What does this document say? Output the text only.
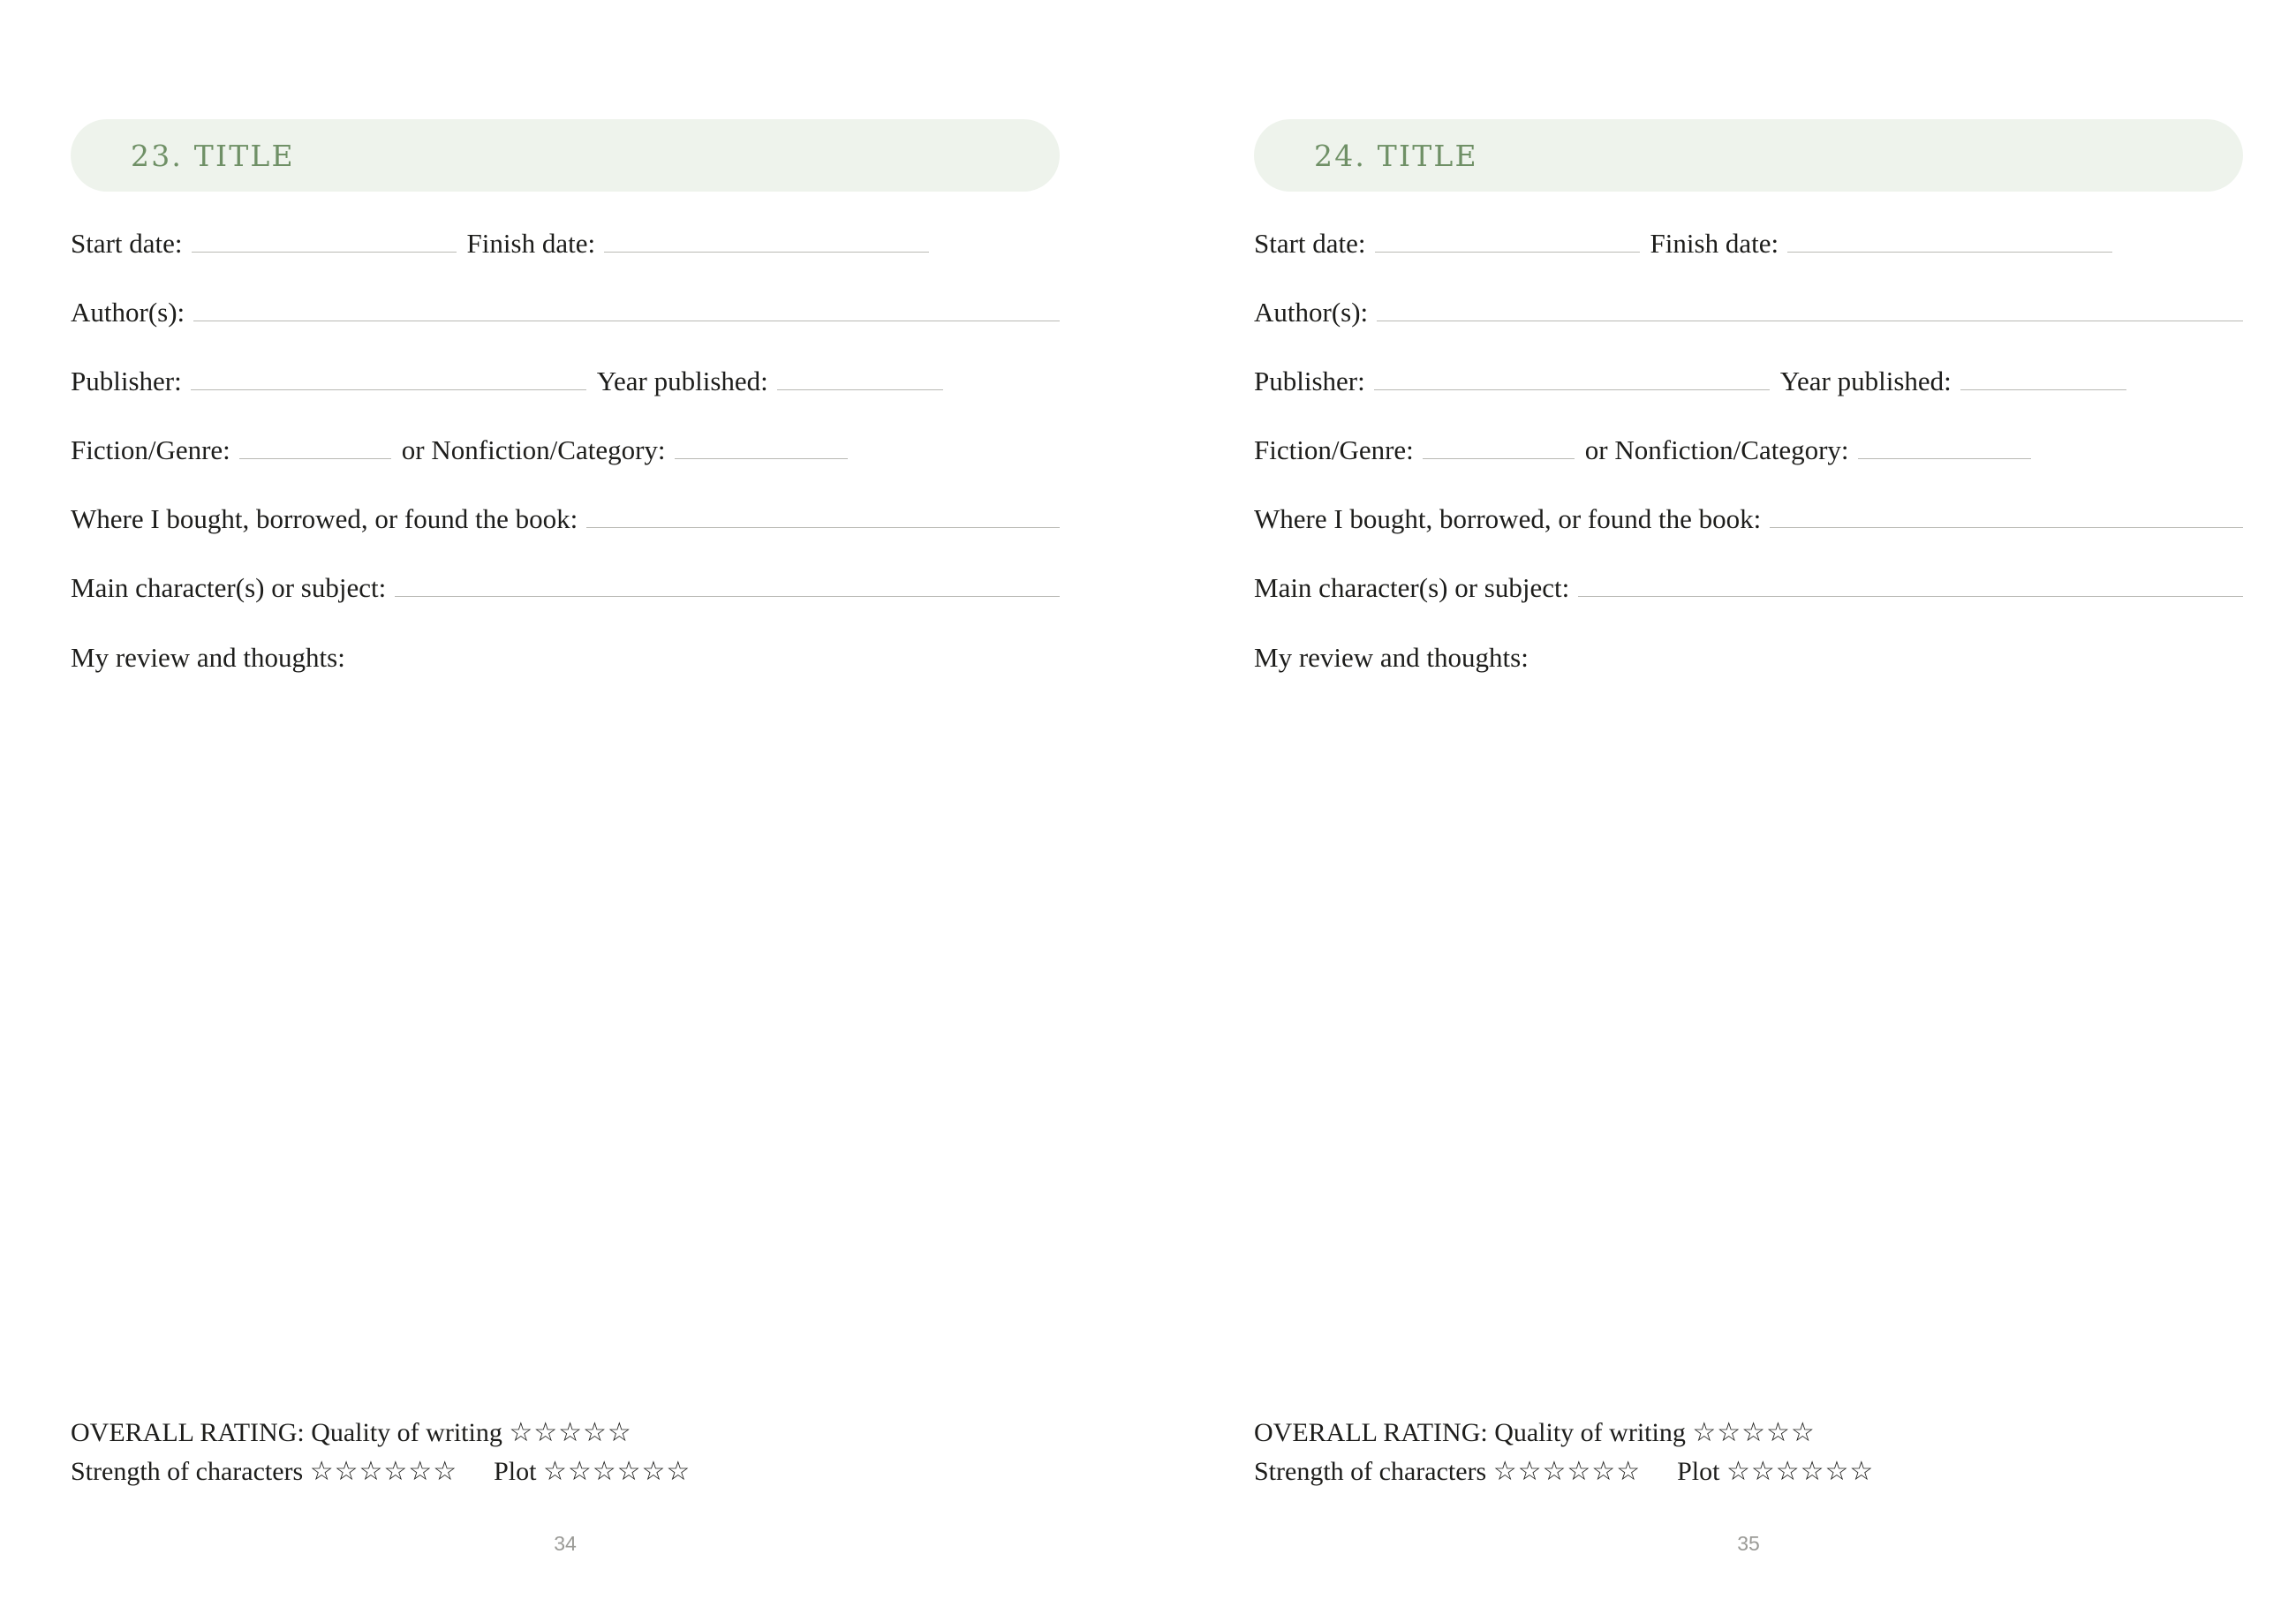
23. TITLE
Start date:	Finish date:
Author(s):
Publisher:	Year published:
Fiction/Genre:	or Nonfiction/Category:
Where I bought, borrowed, or found the book:
Main character(s) or subject:
My review and thoughts:
OVERALL RATING: Quality of writing ☆☆☆☆☆
Strength of characters ☆☆☆☆☆☆ Plot ☆☆☆☆☆☆
34
24. TITLE
Start date:	Finish date:
Author(s):
Publisher:	Year published:
Fiction/Genre:	or Nonfiction/Category:
Where I bought, borrowed, or found the book:
Main character(s) or subject:
My review and thoughts:
OVERALL RATING: Quality of writing ☆☆☆☆☆
Strength of characters ☆☆☆☆☆☆ Plot ☆☆☆☆☆☆
35
